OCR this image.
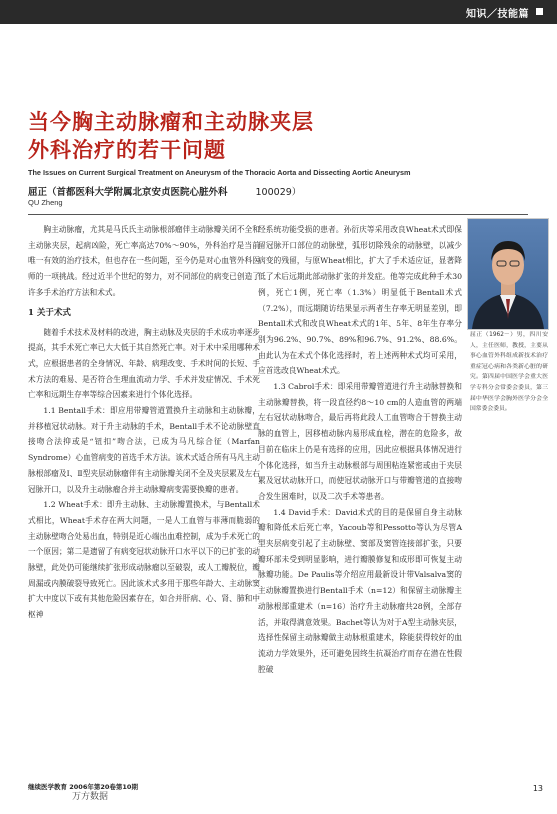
知识／技能篇
当今胸主动脉瘤和主动脉夹层
外科治疗的若干问题
The Issues on Current Surgical Treatment on Aneurysm of the Thoracic Aorta and Dissecting Aortic Aneurysm
屈正（首都医科大学附属北京安贞医院心脏外科	100029）
QU Zheng

胸主动脉瘤，尤其是马氏氏主动脉根部瘤伴主动脉瓣关闭不全和主动脉夹层，起病凶险，死亡率高达70%～90%，外科治疗是当前唯一有效的治疗技术，但也存在一些问题，至今仍是对心血管外科医师的一项挑战。经过近半个世纪的努力，对不同部位的病变已创造了许多手术治疗方法和术式。

1 关于术式

随着手术技术及材料的改进，胸主动脉及夹层的手术成功率逐步提高，其手术死亡率已大大低于其自然死亡率。对于术中采用哪种术式，应根据患者的全身情况、年龄、病理改变、手术时间的长短、手术方法的难易、是否符合生理血流动力学、手术并发症情况、手术死亡率和远期生存率等综合因素来进行个体化选择。

1.1 Bentall手术：即应用带瓣管道置换升主动脉和主动脉瓣，并移植冠状动脉。对于升主动脉的手术，Bentall手术不论动脉壁直接吻合法抑或是“钮扣”吻合法，已成为马凡综合征（Marfan Syndrome）心血管病变的首选手术方法。该术式适合所有马凡主动脉根部瘤及Ⅰ、Ⅱ型夹层动脉瘤伴有主动脉瓣关闭不全及夹层累及左右冠脉开口，以及升主动脉瘤合并主动脉瓣病变需要换瓣的患者。

1.2 Wheat手术：即升主动脉、主动脉瓣置换术，与Bentall术式相比，Wheat手术存在两大问题，一是人工血管与菲薄而脆弱的主动脉壁吻合处易出血，特别是近心端出血难控制，成为手术死亡的一个原因；第二是遗留了有病变冠状动脉开口水平以下的已扩张的动脉壁，此处仍可能继续扩张形成动脉瘤以至破裂，或人工瓣脱位，瓣周漏或内膜破裂导致死亡。因此该术式多用于那些年龄大、主动脉窦扩大中度以下或有其他危险因素存在，如合并肝病、心、肾、肺和中枢神

经系统功能受损的患者。孙衍庆等采用改良Wheat术式即保留冠脉开口部位的动脉壁，弧形切除残余的动脉壁，以减少病变的残留，与原Wheat相比，扩大了手术适应证，显著降低了术后远期此部动脉扩张的并发症。他等完成此种手术30例，死亡1例，死亡率（1.3%）明显低于Bentall术式（7.2%），而远期随访结果显示两者生存率无明显差别，即Bentall术式和改良Wheat术式的1年、5年、8年生存率分别为96.2%、90.7%、89%和96.7%、91.2%、88.6%。由此认为在术式个体化选择时，若上述两种术式均可采用，应首选改良Wheat术式。

1.3 Cabrol手术：即采用带瓣管道进行升主动脉替换和主动脉瓣替换，将一段直径约8～10 cm的人造血管的两端左右冠状动脉吻合，最后再将此段人工血管吻合于替换主动脉的血管上，因移植动脉内易形成血栓，潜在的危险多，故目前在临床上仍是有选择的应用，因此应根据具体情况进行个体化选择，如当升主动脉根部与周围粘连紧密或由于夹层累及冠状动脉开口，而使冠状动脉开口与带瓣管道的直接吻合发生困难时，以及二次手术等患者。

1.4 David手术：David术式的目的是保留自身主动脉瓣和降低术后死亡率，Yacoub等和Pessotto等认为尽管A型夹层病变引起了主动脉壁、窦部及窦管连接部扩张，只要瓣环部未受到明显影响，进行瓣膜修复和成形即可恢复主动脉瓣功能。De Paulis等介绍应用最新设计带Valsalva窦的主动脉瓣置换进行Bentall手术（n=12）和保留主动脉瓣主动脉根部重建术（n=16）治疗升主动脉瘤共28例，全部存活，并取得满意效果。Bachet等认为对于A型主动脉夹层，选择性保留主动脉瓣做主动脉根重建术，除能获得较好的血流动力学效果外，还可避免因终生抗凝治疗而存在潜在性假腔破

屈正（1962－）男，四川安人，主任医师，教授，主要从事心血管外科组成新技术治疗重症冠心病和各类新心脏的研究。第四届中国医学会重大医学专科分会常委会委员，第三届中华医学会胸外医学分会全国常委会委员。
继续医学教育 2006年第20卷第10期
万方数据
13
